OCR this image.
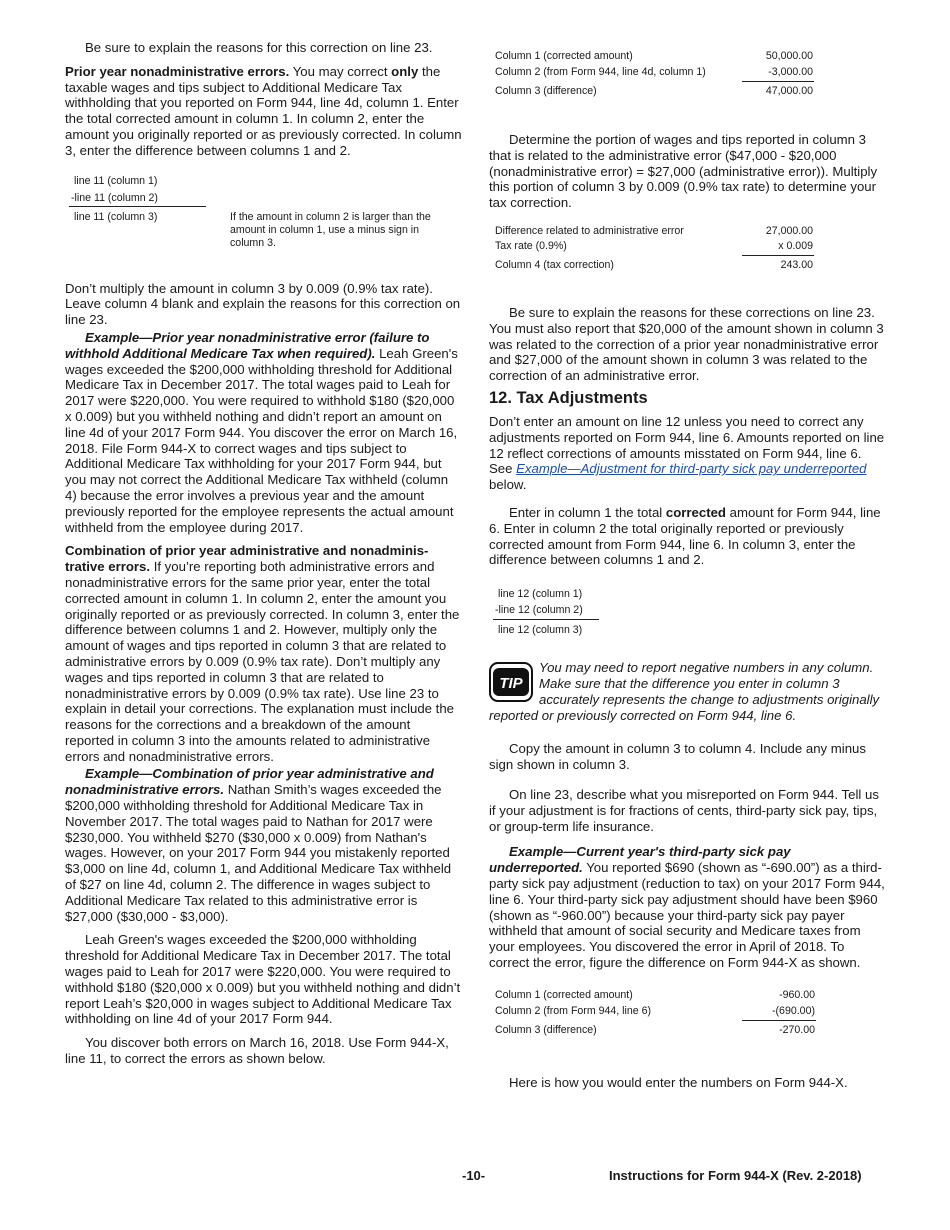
Be sure to explain the reasons for this correction on line 23.

Prior year nonadministrative errors. You may correct only the taxable wages and tips subject to Additional Medicare Tax withholding that you reported on Form 944, line 4d, column 1. Enter the total corrected amount in column 1. In column 2, enter the amount you originally reported or as previously corrected. In column 3, enter the difference between columns 1 and 2.

line 11 (column 1)
-line 11 (column 2)
line 11 (column 3)	If the amount in column 2 is larger than the amount in column 1, use a minus sign in column 3.

Don’t multiply the amount in column 3 by 0.009 (0.9% tax rate). Leave column 4 blank and explain the reasons for this correction on line 23.

Example—Prior year nonadministrative error (failure to withhold Additional Medicare Tax when required). Leah Green's wages exceeded the $200,000 withholding threshold for Additional Medicare Tax in December 2017. The total wages paid to Leah for 2017 were $220,000. You were required to withhold $180 ($20,000 x 0.009) but you withheld nothing and didn’t report an amount on line 4d of your 2017 Form 944. You discover the error on March 16, 2018. File Form 944-X to correct wages and tips subject to Additional Medicare Tax withholding for your 2017 Form 944, but you may not correct the Additional Medicare Tax withheld (column 4) because the error involves a previous year and the amount previously reported for the employee represents the actual amount withheld from the employee during 2017.

Combination of prior year administrative and nonadminis-trative errors. If you’re reporting both administrative errors and nonadministrative errors for the same prior year, enter the total corrected amount in column 1. In column 2, enter the amount you originally reported or as previously corrected. In column 3, enter the difference between columns 1 and 2. However, multiply only the amount of wages and tips reported in column 3 that are related to administrative errors by 0.009 (0.9% tax rate). Don’t multiply any wages and tips reported in column 3 that are related to nonadministrative errors by 0.009 (0.9% tax rate). Use line 23 to explain in detail your corrections. The explanation must include the reasons for the corrections and a breakdown of the amount reported in column 3 into the amounts related to administrative errors and nonadministrative errors.

Example—Combination of prior year administrative and nonadministrative errors. Nathan Smith’s wages exceeded the $200,000 withholding threshold for Additional Medicare Tax in November 2017. The total wages paid to Nathan for 2017 were $230,000. You withheld $270 ($30,000 x 0.009) from Nathan's wages. However, on your 2017 Form 944 you mistakenly reported $3,000 on line 4d, column 1, and Additional Medicare Tax withheld of $27 on line 4d, column 2. The difference in wages subject to Additional Medicare Tax related to this administrative error is $27,000 ($30,000 - $3,000).

Leah Green's wages exceeded the $200,000 withholding threshold for Additional Medicare Tax in December 2017. The total wages paid to Leah for 2017 were $220,000. You were required to withhold $180 ($20,000 x 0.009) but you withheld nothing and didn’t report Leah’s $20,000 in wages subject to Additional Medicare Tax withholding on line 4d of your 2017 Form 944.

You discover both errors on March 16, 2018. Use Form 944-X, line 11, to correct the errors as shown below.

Column 1 (corrected amount)	50,000.00
Column 2 (from Form 944, line 4d, column 1)	-3,000.00
Column 3 (difference)	47,000.00

Determine the portion of wages and tips reported in column 3 that is related to the administrative error ($47,000 - $20,000 (nonadministrative error) = $27,000 (administrative error)). Multiply this portion of column 3 by 0.009 (0.9% tax rate) to determine your tax correction.

Difference related to administrative error	27,000.00
Tax rate (0.9%)	x 0.009
Column 4 (tax correction)	243.00

Be sure to explain the reasons for these corrections on line 23. You must also report that $20,000 of the amount shown in column 3 was related to the correction of a prior year nonadministrative error and $27,000 of the amount shown in column 3 was related to the correction of an administrative error.

12. Tax Adjustments

Don’t enter an amount on line 12 unless you need to correct any adjustments reported on Form 944, line 6. Amounts reported on line 12 reflect corrections of amounts misstated on Form 944, line 6. See Example—Adjustment for third-party sick pay underreported below.

Enter in column 1 the total corrected amount for Form 944, line 6. Enter in column 2 the total originally reported or previously corrected amount from Form 944, line 6. In column 3, enter the difference between columns 1 and 2.

line 12 (column 1)
-line 12 (column 2)
line 12 (column 3)
TIP
You may need to report negative numbers in any column. Make sure that the difference you enter in column 3 accurately represents the change to adjustments originally reported or previously corrected on Form 944, line 6.

Copy the amount in column 3 to column 4. Include any minus sign shown in column 3.

On line 23, describe what you misreported on Form 944. Tell us if your adjustment is for fractions of cents, third-party sick pay, tips, or group-term life insurance.

Example—Current year's third-party sick pay underreported. You reported $690 (shown as “-690.00”) as a third-party sick pay adjustment (reduction to tax) on your 2017 Form 944, line 6. Your third-party sick pay adjustment should have been $960 (shown as “-960.00”) because your third-party sick pay payer withheld that amount of social security and Medicare taxes from your employees. You discovered the error in April of 2018. To correct the error, figure the difference on Form 944-X as shown.

Column 1 (corrected amount)	-960.00
Column 2 (from Form 944, line 6)	-(690.00)
Column 3 (difference)	-270.00

Here is how you would enter the numbers on Form 944-X.

-10-	Instructions for Form 944-X (Rev. 2-2018)
